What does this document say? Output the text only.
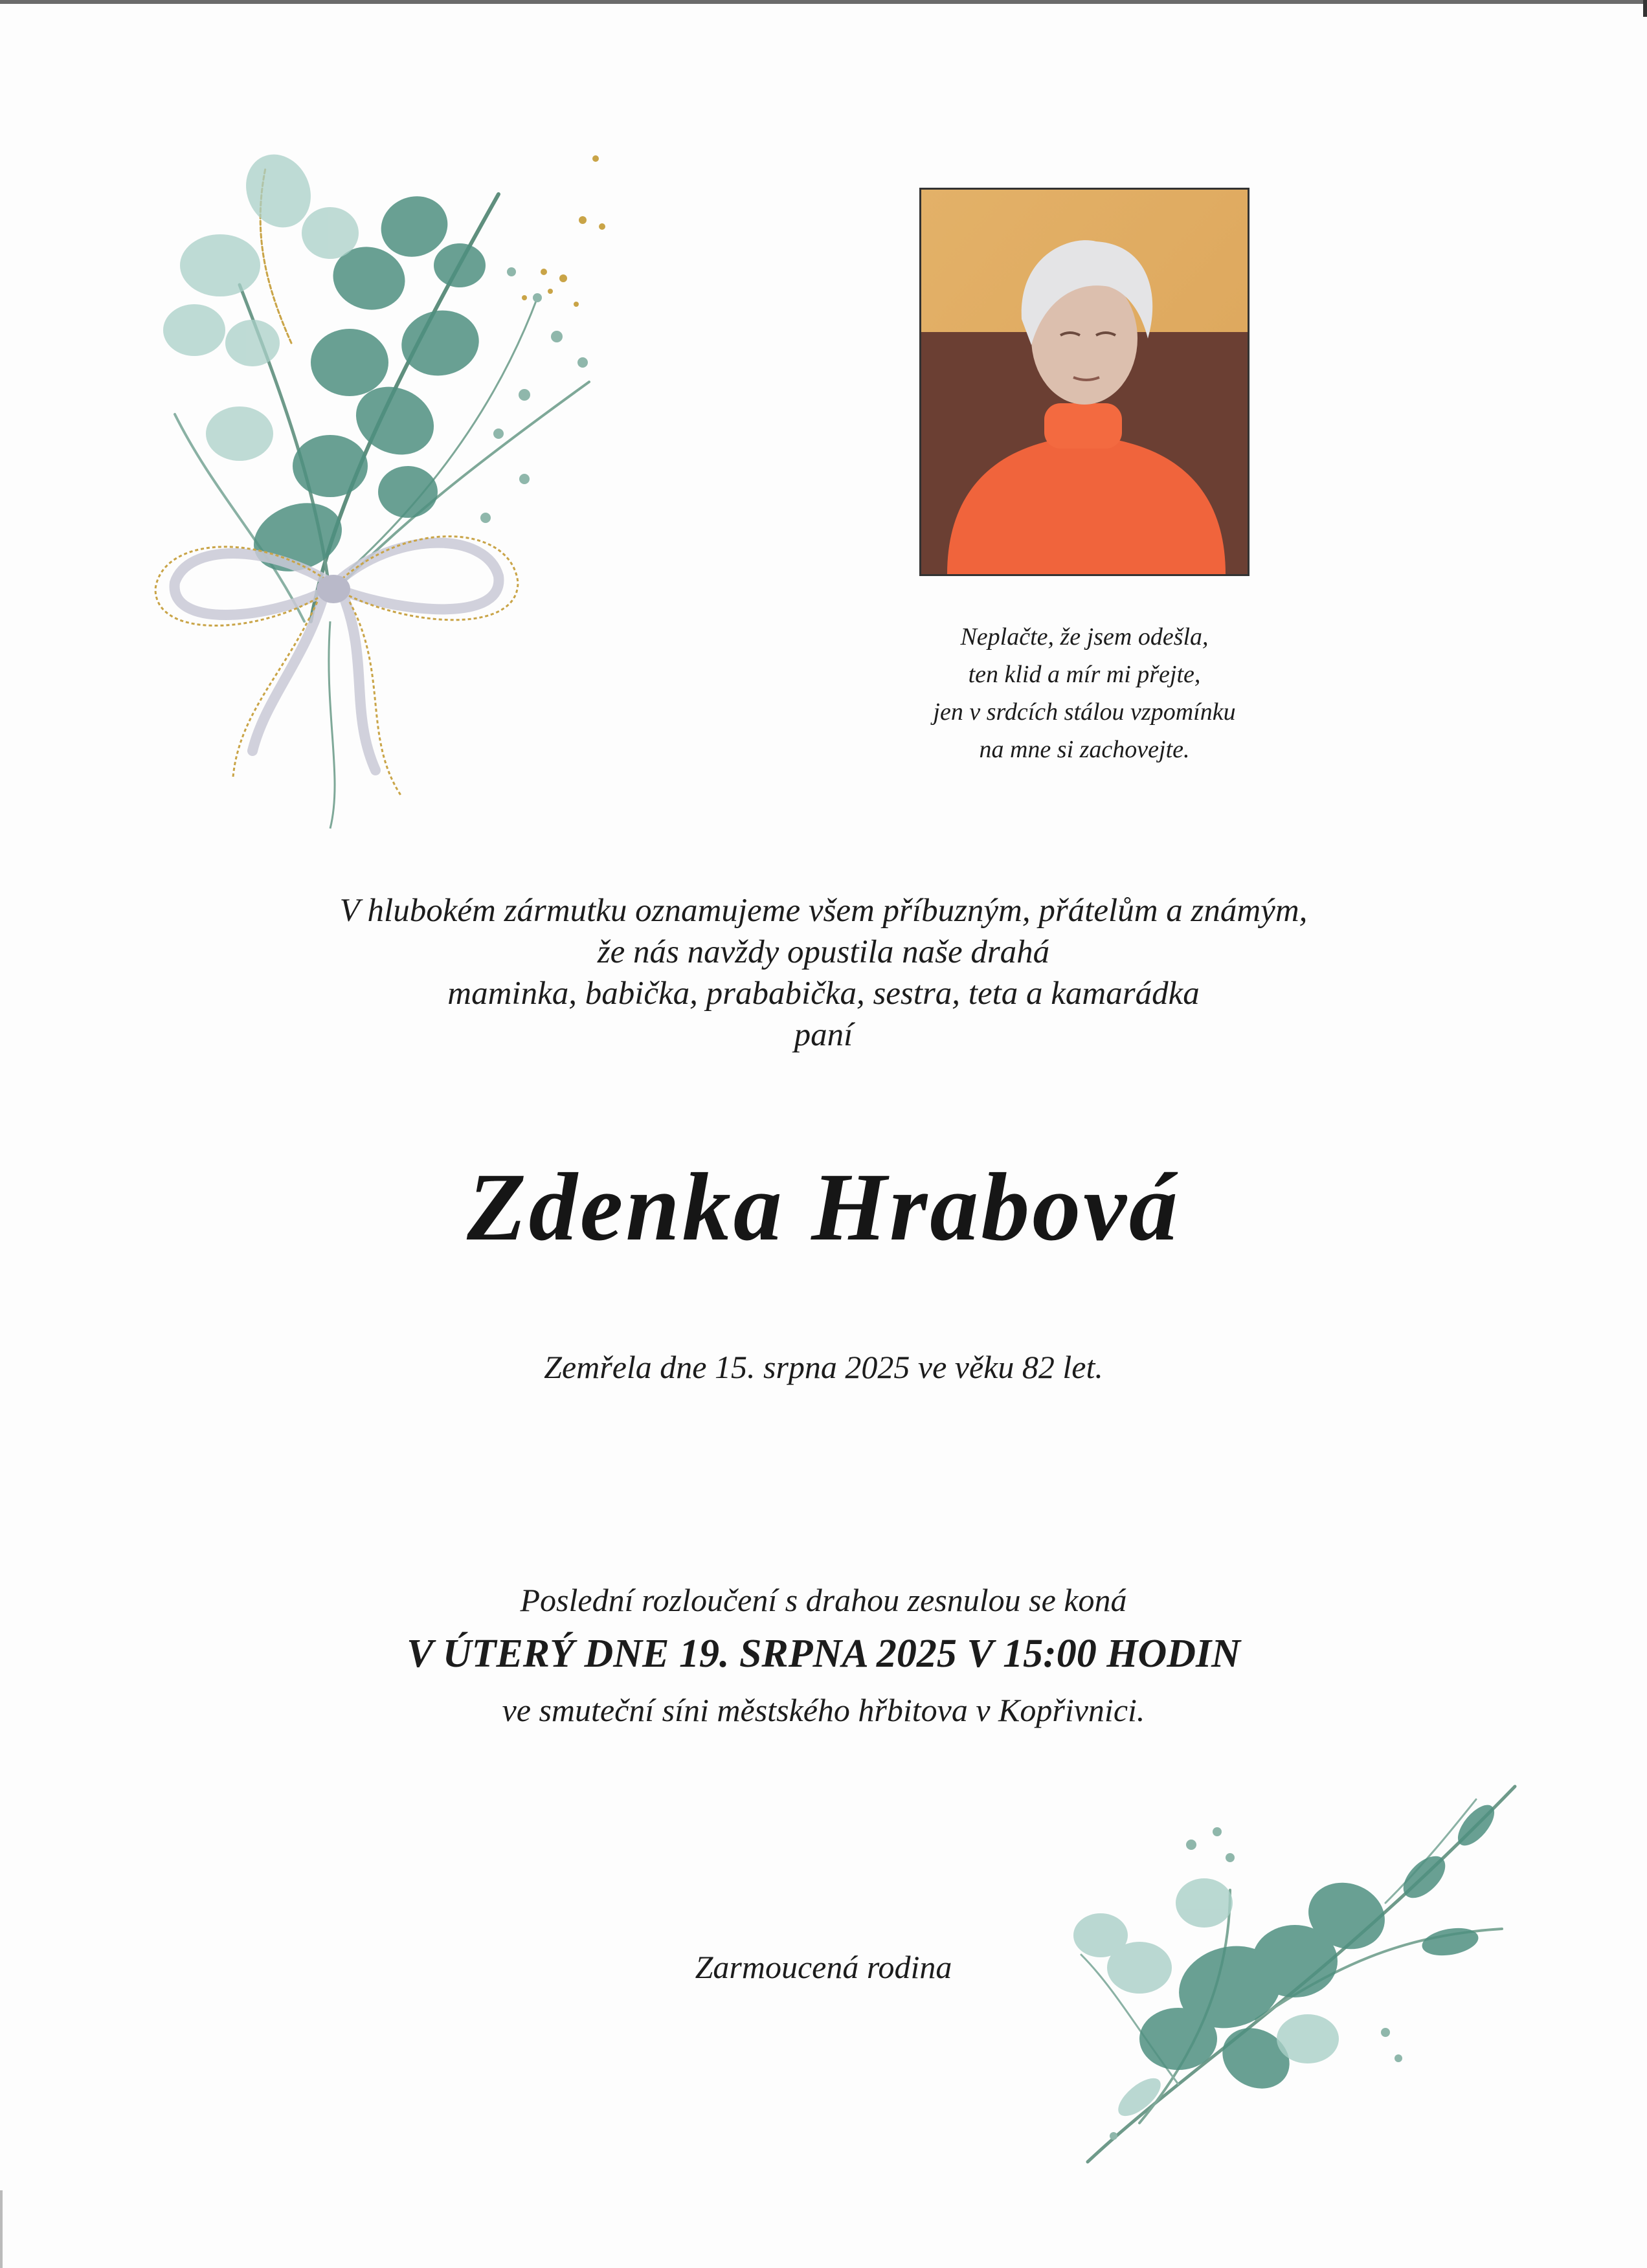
Neplačte, že jsem odešla,
ten klid a mír mi přejte,
jen v srdcích stálou vzpomínku
na mne si zachovejte.
V hlubokém zármutku oznamujeme všem příbuzným, přátelům a známým,
že nás navždy opustila naše drahá
maminka, babička, prababička, sestra, teta a kamarádka
paní
Zdenka Hrabová
Zemřela dne 15. srpna 2025 ve věku 82 let.
Poslední rozloučení s drahou zesnulou se koná
V ÚTERÝ DNE 19. SRPNA 2025 V 15:00 HODIN
ve smuteční síni městského hřbitova v Kopřivnici.
Zarmoucená rodina
